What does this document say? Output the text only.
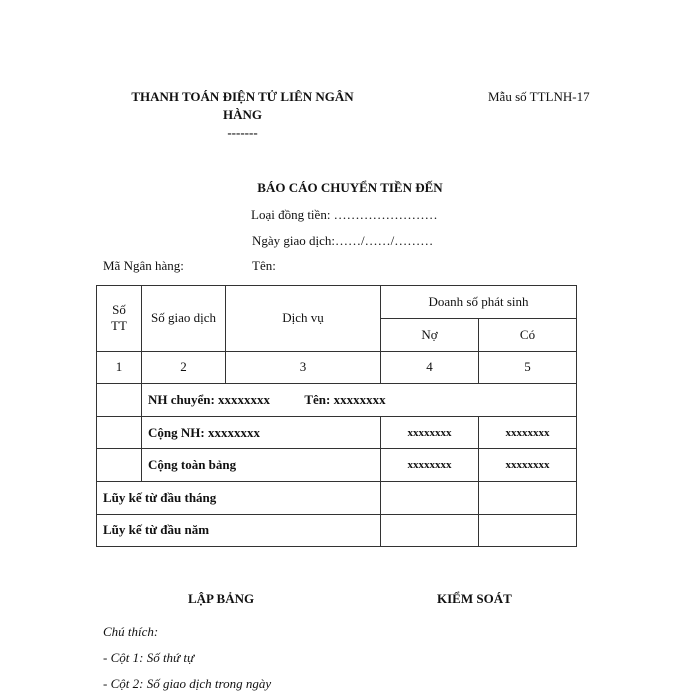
THANH TOÁN ĐIỆN TỬ LIÊN NGÂN
HÀNG
-------
Mẫu số TTLNH-17
BÁO CÁO CHUYỂN TIỀN ĐẾN
Loại đồng tiền: ……………………
Ngày giao dịch:……/……/………
Mã Ngân hàng:	Tên:
Số TT	Số giao dịch	Dịch vụ	Doanh số phát sinh	
			Nợ	Có
1	2	3	4	5
	NH chuyển: xxxxxxxx Tên: xxxxxxxx			
	Cộng NH: xxxxxxxx		xxxxxxxx	xxxxxxxx
	Cộng toàn bảng		xxxxxxxx	xxxxxxxx
Lũy kế từ đầu tháng				
Lũy kế từ đầu năm				
LẬP BẢNG	KIỂM SOÁT
Chú thích:
- Cột 1: Số thứ tự
- Cột 2: Số giao dịch trong ngày
